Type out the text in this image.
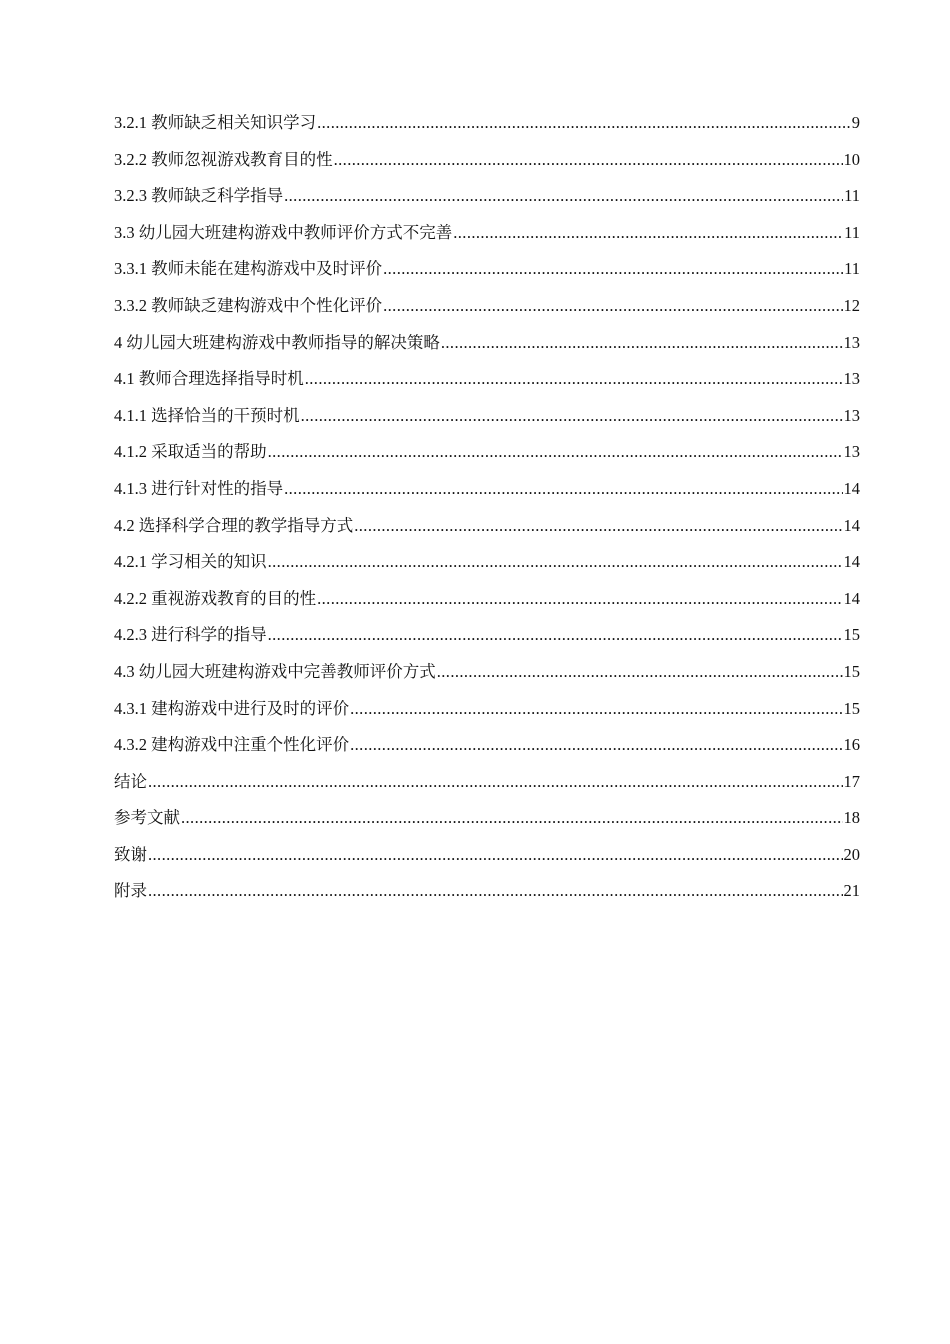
3.2.1 教师缺乏相关知识学习 .....	9
3.2.2 教师忽视游戏教育目的性 .....	10
3.2.3 教师缺乏科学指导 .....	11
3.3 幼儿园大班建构游戏中教师评价方式不完善 .....	11
3.3.1 教师未能在建构游戏中及时评价 .....	11
3.3.2 教师缺乏建构游戏中个性化评价 .....	12
4 幼儿园大班建构游戏中教师指导的解决策略 .....	13
4.1 教师合理选择指导时机 .....	13
4.1.1 选择恰当的干预时机 .....	13
4.1.2 采取适当的帮助 .....	13
4.1.3 进行针对性的指导 .....	14
4.2 选择科学合理的教学指导方式 .....	14
4.2.1 学习相关的知识 .....	14
4.2.2 重视游戏教育的目的性 .....	14
4.2.3 进行科学的指导 .....	15
4.3 幼儿园大班建构游戏中完善教师评价方式 .....	15
4.3.1 建构游戏中进行及时的评价 .....	15
4.3.2 建构游戏中注重个性化评价 .....	16
结论 .....	17
参考文献 .....	18
致谢 .....	20
附录 .....	21
